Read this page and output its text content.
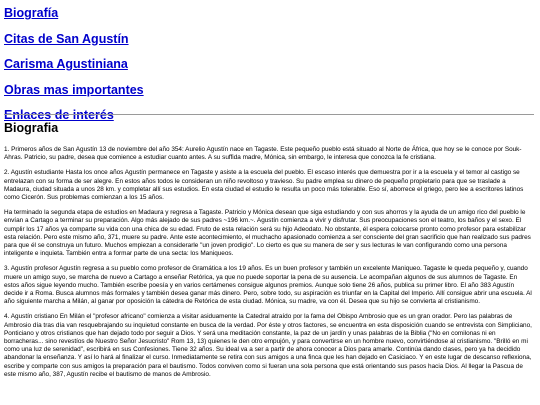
Biografía
Citas de San Agustín
Carisma Agustiniana
Obras mas importantes
Enlaces de interés
Biografia

1. Primeros años de San Agustín 13 de noviembre del año 354: Aurelio Agustín nace en Tagaste. Este pequeño pueblo está situado al Norte de África, que hoy se le conoce por Souk-Ahras. Patricio, su padre, desea que comience a estudiar cuanto antes. A su suffida madre, Mónica, sin embargo, le interesa que conozca la fe cristiana.

2. Agustín estudiante Hasta los once años Agustín permanece en Tagaste y asiste a la escuela del pueblo. El escaso interés que demuestra por ir a la escuela y el temor al castigo se entrelazan con su forma de ser alegre. En estos años todos le consideran un niño revoltoso y travieso. Su padre emplea su dinero de pequeño propietario para que se traslade a Madaura, ciudad situada a unos 28 km. y completar allí sus estudios. En esta ciudad el estudio le resulta un poco más tolerable. Eso sí, aborrece el griego, pero lee a escritores latinos como Cicerón. Sus problemas comienzan a los 15 años.

Ha terminado la segunda etapa de estudios en Madaura y regresa a Tagaste. Patricio y Mónica desean que siga estudiando y con sus ahorros y la ayuda de un amigo rico del pueblo le envían a Cartago a terminar su preparación. Algo más alejado de sus padres ~196 km.~. Agustín comienza a vivir y disfrutar. Sus preocupaciones son el teatro, los baños y el sexo. El cumplir los 17 años ya comparte su vida con una chica de su edad. Fruto de esta relación será su hijo Adeodato. No obstante, él espera colocarse pronto como profesor para estabilizar esta relación. Pero este mismo año, 371, muere su padre. Ante este acontecimiento, el muchacho apasionado comienza a ser consciente del gran sacrificio que han realizado sus padres para que él se construya un futuro. Muchos empiezan a considerarle "un joven prodigio". Lo cierto es que su manera de ser y sus lecturas le van configurando como una persona inteligente e inquieta. También entra a formar parte de una secta: los Maniqueos.

3. Agustín profesor Agustín regresa a su pueblo como profesor de Gramática a los 19 años. Es un buen profesor y también un excelente Maniqueo. Tagaste le queda pequeño y, cuando muere un amigo suyo, se marcha de nuevo a Cartago a enseñar Retórica, ya que no puede soportar la pena de su ausencia. Le acompañan algunos de sus alumnos de Tagaste. En estos años sigue leyendo mucho. También escribe poesía y en varios certámenes consigue algunos premios. Aunque solo tiene 26 años, publica su primer libro. El año 383 Agustín decide ir a Roma. Busca alumnos más formales y también desea ganar más dinero. Pero, sobre todo, su aspiración es triunfar en la Capital del Imperio. Allí consigue abrir una escuela. Al año siguiente marcha a Milán, al ganar por oposición la cátedra de Retórica de esta ciudad. Mónica, su madre, va con él. Desea que su hijo se convierta al cristianismo.

4. Agustín cristiano En Milán el "profesor africano" comienza a visitar asiduamente la Catedral atraído por la fama del Obispo Ambrosio que es un gran orador. Pero las palabras de Ambrosio día tras día van resquebrajando su inquietud constante en busca de la verdad. Por éste y otros factores, se encuentra en esta disposición cuando se entrevista con Simpliciano, Ponticiano y otros cristianos que han dejado todo por seguir a Dios. Y será una meditación constante, la paz de un jardín y unas palabras de la Biblia ("No en comilonas ni en borracheras... sino revestíos de Nuestro Señor Jesucristo" Rom 13, 13) quienes le den otro empujón, y para convertirse en un hombre nuevo, convirtiéndose al cristianismo. "Brilló en mi como una luz de serenidad", escribirá en sus Confesiones. Tiene 32 años. Su ideal va a ser a partir de ahora conocer a Dios para amarle. Continúa dando clases, pero ya ha decidido abandonar la enseñanza. Y así lo hará al finalizar el curso. Inmediatamente se retira con sus amigos a una finca que les han dejado en Casiciaco. Y en este lugar de descanso reflexiona, escribe y comparte con sus amigos la preparación para el bautismo. Todos conviven como si fueran una sola persona que está orientando sus pasos hacia Dios. Al llegar la Pascua de este mismo año, 387, Agustín recibe el bautismo de manos de Ambrosio.
